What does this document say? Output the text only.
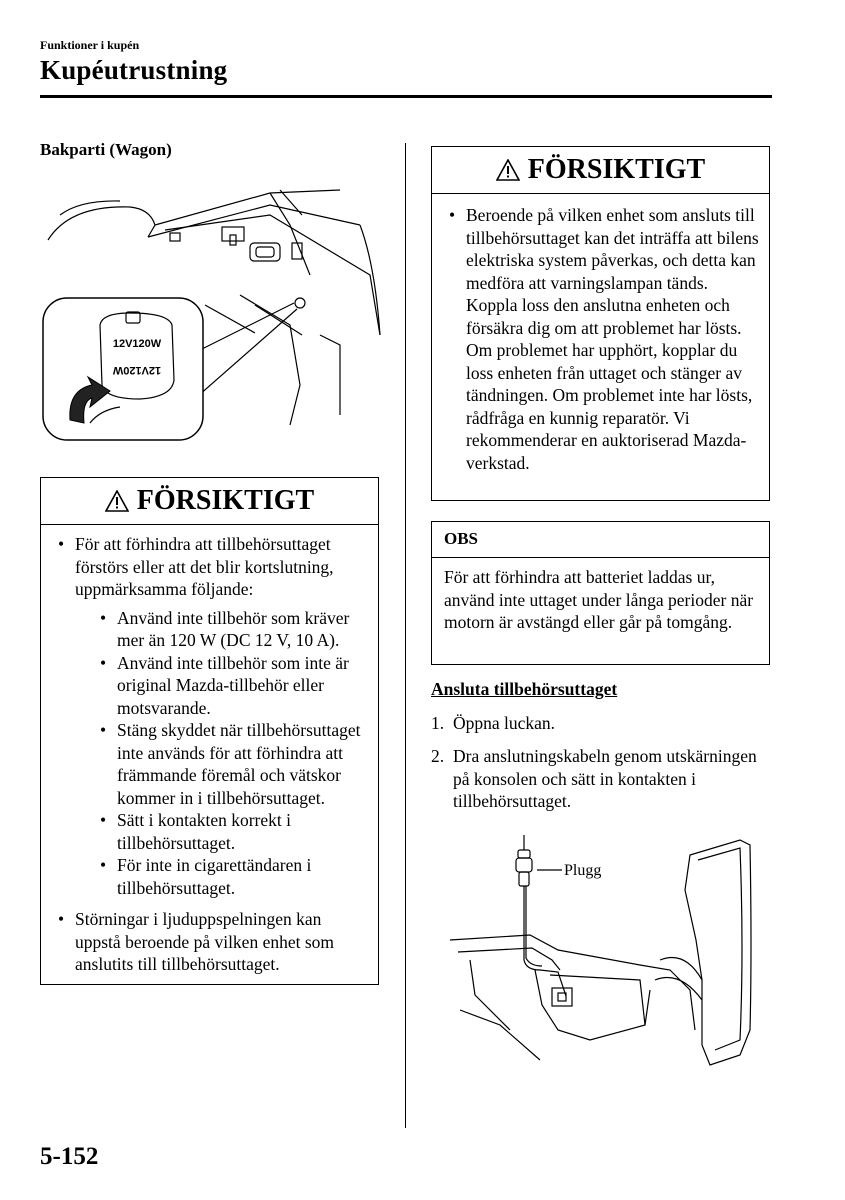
Funktioner i kupén
Kupéutrustning
Bakparti (Wagon)
12V120W
12V120W
FÖRSIKTIGT
• För att förhindra att tillbehörsuttaget förstörs eller att det blir kortslutning, uppmärksamma följande:
• Använd inte tillbehör som kräver mer än 120 W (DC 12 V, 10 A).
• Använd inte tillbehör som inte är original Mazda-tillbehör eller motsvarande.
• Stäng skyddet när tillbehörsuttaget inte används för att förhindra att främmande föremål och vätskor kommer in i tillbehörsuttaget.
• Sätt i kontakten korrekt i tillbehörsuttaget.
• För inte in cigarettändaren i tillbehörsuttaget.
• Störningar i ljuduppspelningen kan uppstå beroende på vilken enhet som anslutits till tillbehörsuttaget.
FÖRSIKTIGT
• Beroende på vilken enhet som ansluts till tillbehörsuttaget kan det inträffa att bilens elektriska system påverkas, och detta kan medföra att varningslampan tänds. Koppla loss den anslutna enheten och försäkra dig om att problemet har lösts. Om problemet har upphört, kopplar du loss enheten från uttaget och stänger av tändningen. Om problemet inte har lösts, rådfråga en kunnig reparatör. Vi rekommenderar en auktoriserad Mazda-verkstad.
OBS
För att förhindra att batteriet laddas ur, använd inte uttaget under långa perioder när motorn är avstängd eller går på tomgång.
Ansluta tillbehörsuttaget
1. Öppna luckan.
2. Dra anslutningskabeln genom utskärningen på konsolen och sätt in kontakten i tillbehörsuttaget.
Plugg
5-152
